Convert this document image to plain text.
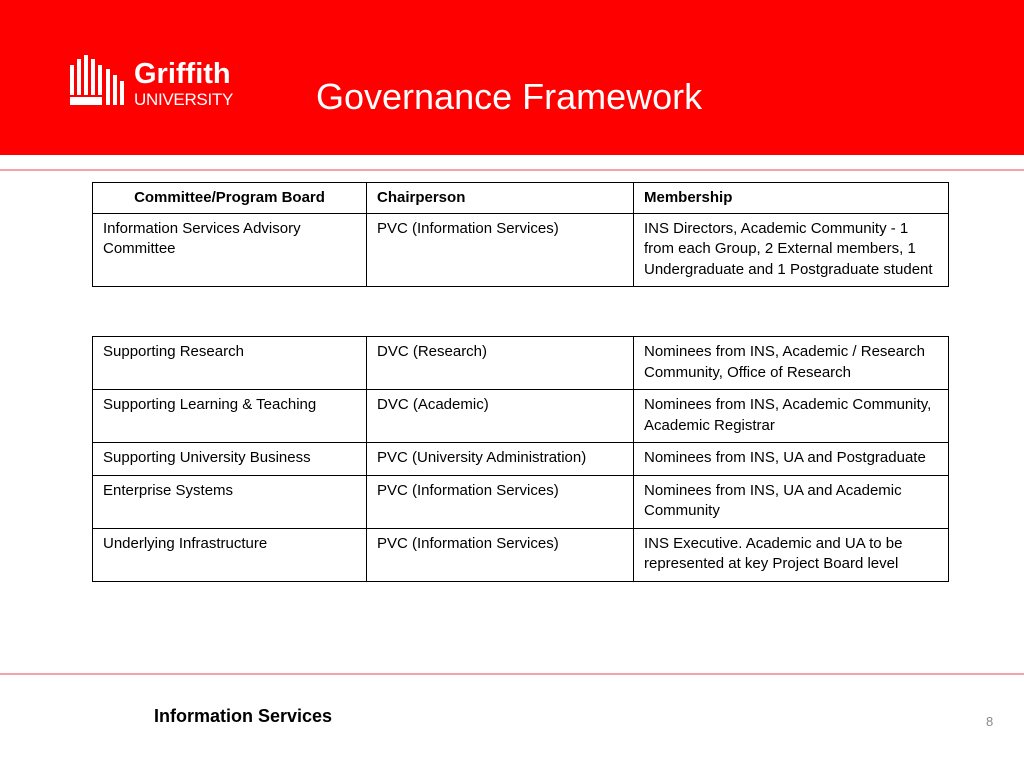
Griffith
UNIVERSITY Governance Framework
Committee/Program Board	Chairperson	Membership
Information Services Advisory Committee	PVC (Information Services)	INS Directors, Academic Community - 1 from each Group, 2 External members, 1 Undergraduate and 1 Postgraduate student
Supporting Research	DVC (Research)	Nominees from INS, Academic / Research Community, Office of Research
Supporting Learning & Teaching	DVC (Academic)	Nominees from INS, Academic Community, Academic Registrar
Supporting University Business	PVC (University Administration)	Nominees from INS, UA and Postgraduate
Enterprise Systems	PVC (Information Services)	Nominees from INS, UA and Academic Community
Underlying Infrastructure	PVC (Information Services)	INS Executive. Academic and UA to be represented at key Project Board level
Information Services	8
